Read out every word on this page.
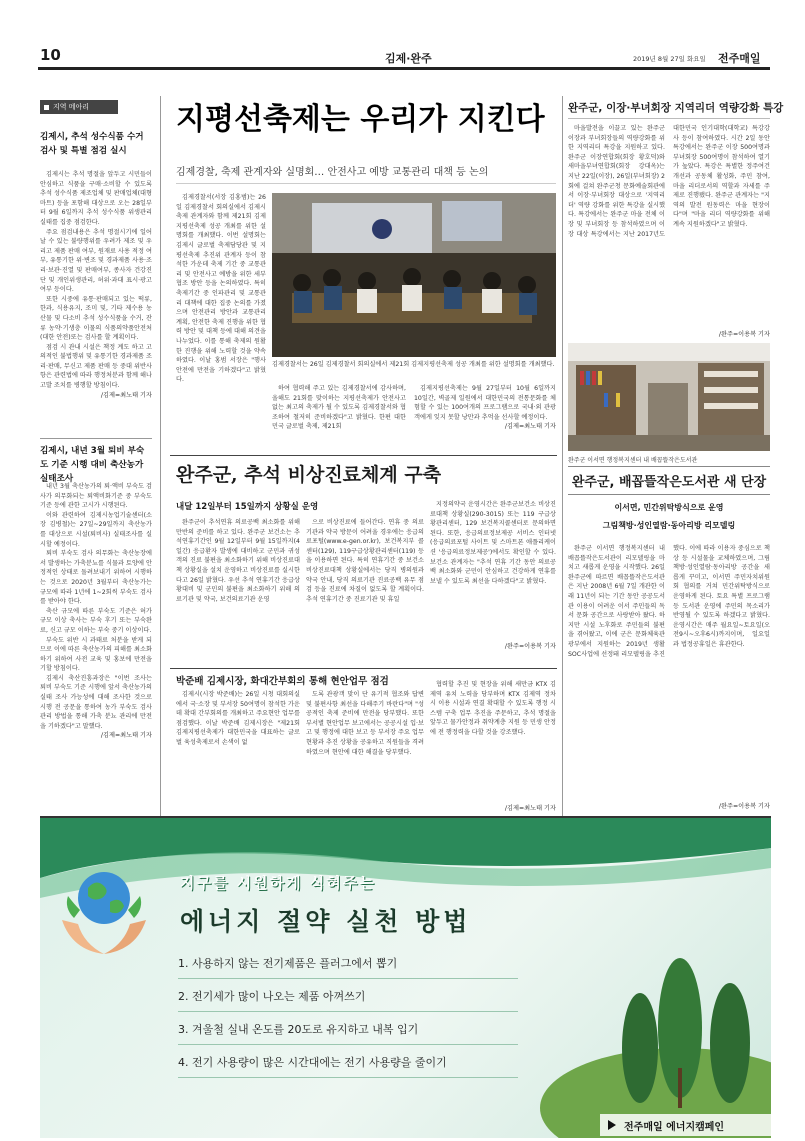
10	김제·완주	2019년 8월 27일 화요일 전주매일
지역 메아리
김제시, 추석 성수식품 수거 검사 및 특별 점검 실시

김제시는 추석 명절을 앞두고 시민들이 안심하고 식품을 구매·소비할 수 있도록 추석 성수식품 제조업체 및 판매업체(대형마트) 등을 포함해 대상으로 오는 28일부터 9월 6일까지 추석 성수식품 위생관리 실태를 집중 점검한다.

주요 점검내용은 추석 명절시기에 일어날 수 있는 불량행위를 우려가 제조 및 우리고 제품 판매 여부, 원재료 사용 적정 여부, 유통기한 위·변조 및 경과제품 사용·조리·보관·진열 및 판매여부, 종사자 건강진단 및 개인위생관리, 허위·과대 표시·광고 여부 등이다.

또한 시중에 유통·판매되고 있는 떡류, 한과, 식용유지, 조미 및, 기타 제수용 농산물 및 다소비 추석 성수식품을 수거, 잔류 농약·기생충 이물의 식품의약품안전처(대한 안전)또는 검사를 할 계획이다.

점검 시 관내 시설은 책정 계도 하고 고의적인 불법행위 및 유통기한 경과제품 조리·판매, 무신고 제품 판매 등 중대 위반사항은 관련법에 따라 행정처분과 함께 해나 고발 조치를 병행할 방침이다.

/김제=최노태 기자
김제시, 내년 3월 퇴비 부숙도 기준 시행 대비 축산농가 실태조사

내년 3월 축산농가의 퇴·액비 부숙도 검사가 의무화되는 퇴액비화기준 중 부숙도 기준 등에 관한 고시가 시행된다.

이와 관련하여 김제시농업기술센터(소장 김병철)는 27일~29일까지 축산농가를 대상으로 시설(퇴비사) 실태조사를 실시할 예정이다.

퇴비 부숙도 검사 의무화는 축산농장에서 발생하는 가축분뇨를 식물과 토양에 안정적인 상태로 돌려보내기 위하여 시행하는 것으로 2020년 3월부터 축산농가는 규모에 따라 1년에 1~2회씩 부숙도 검사를 받아야 한다.

축산 규모에 따른 부숙도 기준은 허가 규모 이상 축사는 부숙 후기 또는 부숙완료, 신고 규모 이하는 부숙 중기 이상이다.

부숙도 위반 시 과태료 처분을 받게 되므로 이에 따른 축산농가의 피해를 최소화하기 위하여 사전 교육 및 홍보에 만전을 기할 방침이다.

김제시 축산진흥과장은 "이번 조사는 퇴비 부숙도 기준 시행에 앞서 축산농가의 실태 조사 가능성에 대해 조사한 것으로 시행 전 공문을 통하여 농가 부숙도 검사 관리 방법을 통해 가축 분뇨 관리에 만전을 기하겠다"고 말했다.

/김제=최노태 기자
지평선축제는 우리가 지킨다
김제경찰, 축제 관계자와 실명회… 안전사고 예방 교통관리 대책 등 논의
김제경찰서(서장 김홍범)는 26일 김제경찰서 회의실에서 김제시 축제 관계자와 함께 제21회 김제지평선축제 성공 개최를 위한 설명회를 개최했다. 이번 설명회는 김제시 글로벌 축제담당관 및 지평선축제 추진위 관계자 등이 참석한 가운데 축제 기간 중 교통관리 및 안전사고 예방을 위한 세부 협조 방안 등을 논의하였다. 특히 축제기간 중 인파관리 및 교통관리 대책에 대한 집중 논의를 가졌으며 안전관리 방안과 교통관리 계획, 안전한 축제 진행을 위한 협력 방안 및 대책 등에 대해 의견을 나누었다. 이를 통해 축제의 원활한 진행을 위해 노력할 것을 약속하였다. 이날 홍범 서장은 "행사 안전에 만전을 기하겠다"고 밝혔다.
김제경찰서는 26일 김제경찰서 회의실에서 제21회 김제지평선축제 성공 개최를 위한 설명회를 개최했다.
하여 협력해 주고 있는 김제경찰서에 감사하며, 올해도 21회를 맞이하는 지평선축제가 안전사고 없는 최고의 축제가 될 수 있도록 김제경찰서와 협조하여 철저히 준비하겠다"고 밝혔다. 한편 대한민국 글로벌 축제, 제21회

김제지평선축제는 9월 27일부터 10월 6일까지 10일간, 벽골제 일원에서 대한민국의 전통문화를 체험할 수 있는 100여개의 프로그램으로 국내·외 관광객에게 잊지 못할 낭만과 추억을 선사할 예정이다.

/김제=최노태 기자
완주군, 추석 비상진료체계 구축
내달 12일부터 15일까지 상황실 운영
완주군이 추석연휴 의료공백 최소화를 위해 만반의 준비를 하고 있다. 완주군 보건소는 추석연휴기간인 9월 12일부터 9월 15일까지(4일간) 응급환자 발생에 대비하고 군민과 귀성객의 진료 불편을 최소화하기 위해 비상진료대책 상황실을 설치 운영하고 비상진료를 실시한다고 26일 밝혔다. 우선 추석 연휴기간 응급상황대비 및 군민의 불편을 최소화하기 위해 의료기관 및 약국, 보건의료기관 운영
으로 비상진료에 들어간다. 연휴 중 의료기관과 약국 방문이 어려울 경우에는 응급의료포털(www.e-gen.or.kr), 보건복지부 콜센터(129), 119구급상황관리센터(119) 등을 이용하면 된다. 특히 연휴기간 중 보건소 비상진료대책 상황실에서는 당직 병의원과 약국 안내, 당직 의료기관 진료공백 유무 점검 등을 진료에 차질이 없도록 할 계획이다. 추석 연휴기간 중 진료기관 및 휴일

지정의약국 운영시간은 완주군보건소 비상진료대책 상황실(290-3015) 또는 119 구급상황관리센터, 129 보건복지콜센터로 문의하면 된다. 또한, 응급의료정보제공 서비스 인터넷(응급의료포털 사이트 및 스마트폰 애플리케이션 '응급의료정보제공')에서도 확인할 수 있다. 보건소 관계자는 "추석 연휴 기간 동안 의료공백 최소화와 군민이 안심하고 건강하게 연휴를 보낼 수 있도록 최선을 다하겠다"고 밝혔다.

/완주=이용복 기자
박준배 김제시장, 화대간부회의 통해 현안업무 점검
김제시(시장 박준배)는 26일 시청 대회의실에서 국·소장 및 부서장 50여명이 참석한 가운데 확대 간부회의를 개최하고 주요현안 업무를 점검했다. 이날 박준배 김제시장은 "제21회 김제지평선축제가 대한민국을 대표하는 글로벌 육성축제로서 손색이 없
도록 관광객 맞이 단 유기적 협조와 답변 및 불편사항 최선을 다해주기 바란다"며 "성공적인 축제 준비에 만전을 당부했다. 또한 부서별 현안업무 보고에서는 공공시설 입·보고 및 행정에 대한 보고 등 부서장 주요 업무 현황과 추진 상황을 공유하고 직원들을 격려하였으며 현안에 대한 해결을 당부했다.

협력할 추진 및 현장을 위해 새만금 KTX 김제역 유치 노력을 당부하며 KTX 김제역 정차 시 이용 시설과 연결 확대할 수 있도록 행정 시스템 구축 업무 추진을 주문하고, 추석 명절을 앞두고 물가안정과 취약계층 지원 등 민생 안정에 전 행정력을 다할 것을 강조했다.

/김제=최노태 기자
완주군, 이장·부녀회장 지역리더 역량강화 특강

마을발전을 이끌고 있는 완주군 이장과 부녀회장들의 역량강화를 위한 지역리더 특강을 지원하고 있다. 완주군 이장연합회(회장 황호덕)와 새마을부녀연합회(회장 강대옥)는 지난 22일(이장), 26일(부녀회장) 2회에 걸쳐 완주군청 문화예술회관에서 이장·부녀회장 대상으로 '지역리더' 역량 강화를 위한 특강을 실시했다. 특강에서는 완주군 마을 전체 이장 및 부녀회장 등 참석하였으며 이장 대상 특강에서는 지난 2017년도 대한민국 인기대학(대학교) 특강강사 등이 참여하였다. 시간 2일 동안 특강에서는 완주군 이장 500여명과 부녀회장 500여명이 참석하여 열기가 높았다. 특강은 특별한 정주여건 개선과 공동체 활성화, 주민 참여, 마을 리더로서의 역할과 자세를 주제로 진행됐다. 완주군 관계자는 "지역의 발전 원동력은 마을 현장이다"며 "마을 리더 역량강화를 위해 계속 지원하겠다"고 밝혔다.

/완주=이용복 기자
완주군 이서면 행정복지센터 내 배꼽뜰작은도서관
완주군, 배꼽뜰작은도서관 새 단장
이서면, 민간위탁방식으로 운영
그림책방·성인열람·동아리방 리모델링

완주군 이서면 행정복지센터 내 배꼽뜰작은도서관이 리모델링을 마치고 새롭게 운영을 시작했다. 26일 완주군에 따르면 배꼽뜰작은도서관은 지난 2008년 6월 7일 개관한 이래 11년이 되는 기간 동안 공공도서관 이용이 어려운 이서 주민들의 독서 문화 공간으로 사랑받아 왔다. 하지만 시설 노후화로 주민들의 불편을 겪어왔고, 이에 군은 문화체육관광부에서 지원하는 2019년 생활SOC사업에 선정돼 리모델링을 추진했다. 이에 따라 이용자 중심으로 책상 등 시설물을 교체하였으며, 그림책방·성인열람·동아리방 공간을 새롭게 꾸미고, 이서면 주민자치위원회 협의를 거쳐 민간위탁방식으로 운영하게 된다. 토요 특별 프로그램 등 도서관 운영에 주민의 목소리가 반영될 수 있도록 하겠다고 밝혔다. 운영시간은 매주 월요일~토요일(오전9시~오후6시)까지이며, 일요일과 법정공휴일은 휴관한다.

/완주=이용복 기자
지구를 시원하게 식혀주는
에너지 절약 실천 방법
1. 사용하지 않는 전기제품은 플러그에서 뽑기
2. 전기세가 많이 나오는 제품 아껴쓰기
3. 겨울철 실내 온도를 20도로 유지하고 내복 입기
4. 전기 사용량이 많은 시간대에는 전기 사용량을 줄이기
전주매일 에너지캠페인
